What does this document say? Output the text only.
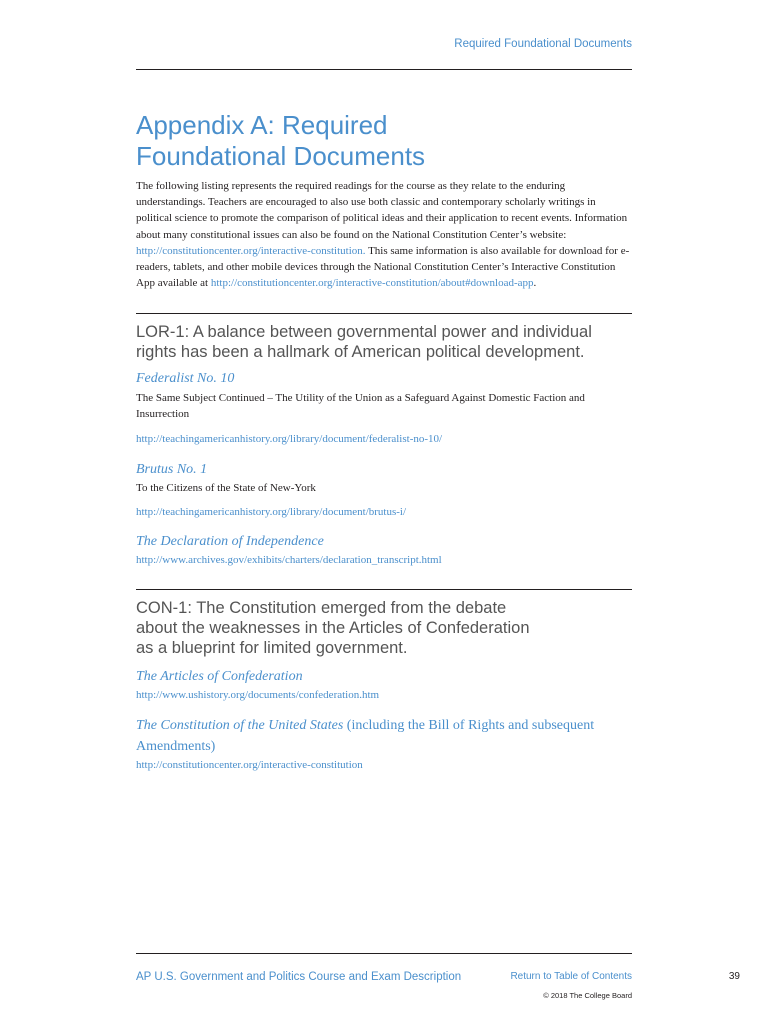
Required Foundational Documents
Appendix A: Required
Foundational Documents

The following listing represents the required readings for the course as they relate to the enduring understandings. Teachers are encouraged to also use both classic and contemporary scholarly writings in political science to promote the comparison of political ideas and their application to recent events. Information about many constitutional issues can also be found on the National Constitution Center’s website: http://constitutioncenter.org/interactive-constitution. This same information is also available for download for e-readers, tablets, and other mobile devices through the National Constitution Center’s Interactive Constitution App available at http://constitutioncenter.org/interactive-constitution/about#download-app.

LOR-1: A balance between governmental power and individual rights has been a hallmark of American political development.

Federalist No. 10

The Same Subject Continued – The Utility of the Union as a Safeguard Against Domestic Faction and Insurrection

http://teachingamericanhistory.org/library/document/federalist-no-10/

Brutus No. 1

To the Citizens of the State of New-York

http://teachingamericanhistory.org/library/document/brutus-i/

The Declaration of Independence

http://www.archives.gov/exhibits/charters/declaration_transcript.html

CON-1: The Constitution emerged from the debate
about the weaknesses in the Articles of Confederation
as a blueprint for limited government.

The Articles of Confederation

http://www.ushistory.org/documents/confederation.htm

The Constitution of the United States (including the Bill of Rights and subsequent Amendments)

http://constitutioncenter.org/interactive-constitution

AP U.S. Government and Politics Course and Exam Description	Return to Table of Contents
© 2018 The College Board
39
